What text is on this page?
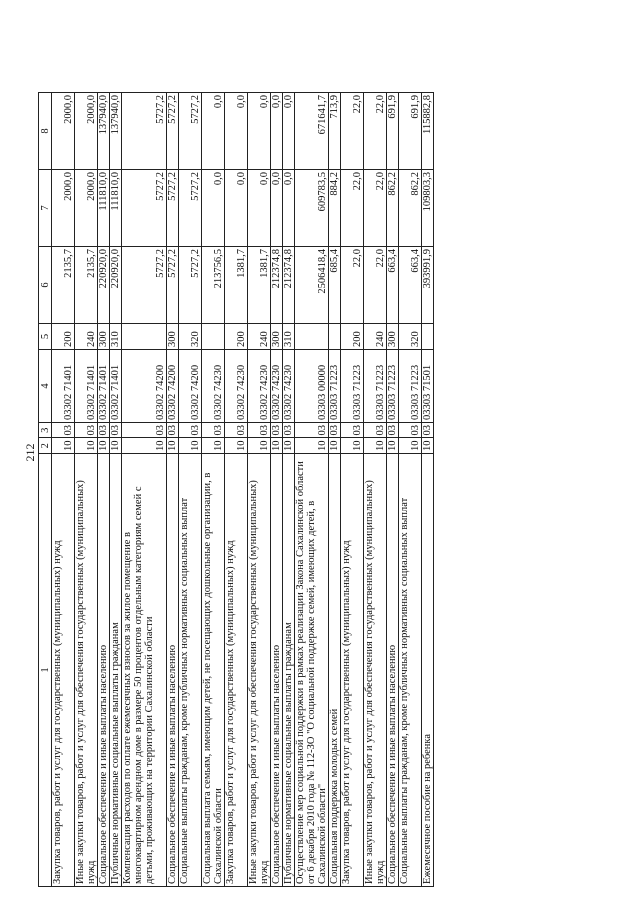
212
1	2	3	4	5	6	7	8
Закупка товаров, работ и услуг для государственных (муниципальных) нужд	10	03	03302 71401	200	2135,7	2000,0	2000,0
Иные закупки товаров, работ и услуг для обеспечения государственных (муниципальных) нужд	10	03	03302 71401	240	2135,7	2000,0	2000,0
Социальное обеспечение и иные выплаты населению	10	03	03302 71401	300	220920,0	111810,0	137940,0
Публичные нормативные социальные выплаты гражданам	10	03	03302 71401	310	220920,0	111810,0	137940,0
Компенсация расходов по оплате ежемесячных взносов за жилое помещение в многоквартирном арендном доме в размере 50 процентов отдельным категориям семей с детьми, проживающих на территории Сахалинской области	10	03	03302 74200		5727,2	5727,2	5727,2
Социальное обеспечение и иные выплаты населению	10	03	03302 74200	300	5727,2	5727,2	5727,2
Социальные выплаты гражданам, кроме публичных нормативных социальных выплат	10	03	03302 74200	320	5727,2	5727,2	5727,2
Социальная выплата семьям, имеющим детей, не посещающих дошкольные организации, в Сахалинской области	10	03	03302 74230		213756,5	0,0	0,0
Закупка товаров, работ и услуг для государственных (муниципальных) нужд	10	03	03302 74230	200	1381,7	0,0	0,0
Иные закупки товаров, работ и услуг для обеспечения государственных (муниципальных) нужд	10	03	03302 74230	240	1381,7	0,0	0,0
Социальное обеспечение и иные выплаты населению	10	03	03302 74230	300	212374,8	0,0	0,0
Публичные нормативные социальные выплаты гражданам	10	03	03302 74230	310	212374,8	0,0	0,0
Осуществление мер социальной поддержки в рамках реализации Закона Сахалинской области от 6 декабря 2010 года № 112-ЗО "О социальной поддержке семей, имеющих детей, в Сахалинской области"	10	03	03303 00000		2506418,4	609783,5	671641,7
Социальная поддержка молодых семей	10	03	03303 71223		685,4	884,2	713,9
Закупка товаров, работ и услуг для государственных (муниципальных) нужд	10	03	03303 71223	200	22,0	22,0	22,0
Иные закупки товаров, работ и услуг для обеспечения государственных (муниципальных) нужд	10	03	03303 71223	240	22,0	22,0	22,0
Социальное обеспечение и иные выплаты населению	10	03	03303 71223	300	663,4	862,2	691,9
Социальные выплаты гражданам, кроме публичных нормативных социальных выплат	10	03	03303 71223	320	663,4	862,2	691,9
Ежемесячное пособие на ребенка	10	03	03303 71501		393991,9	109803,3	115882,8
